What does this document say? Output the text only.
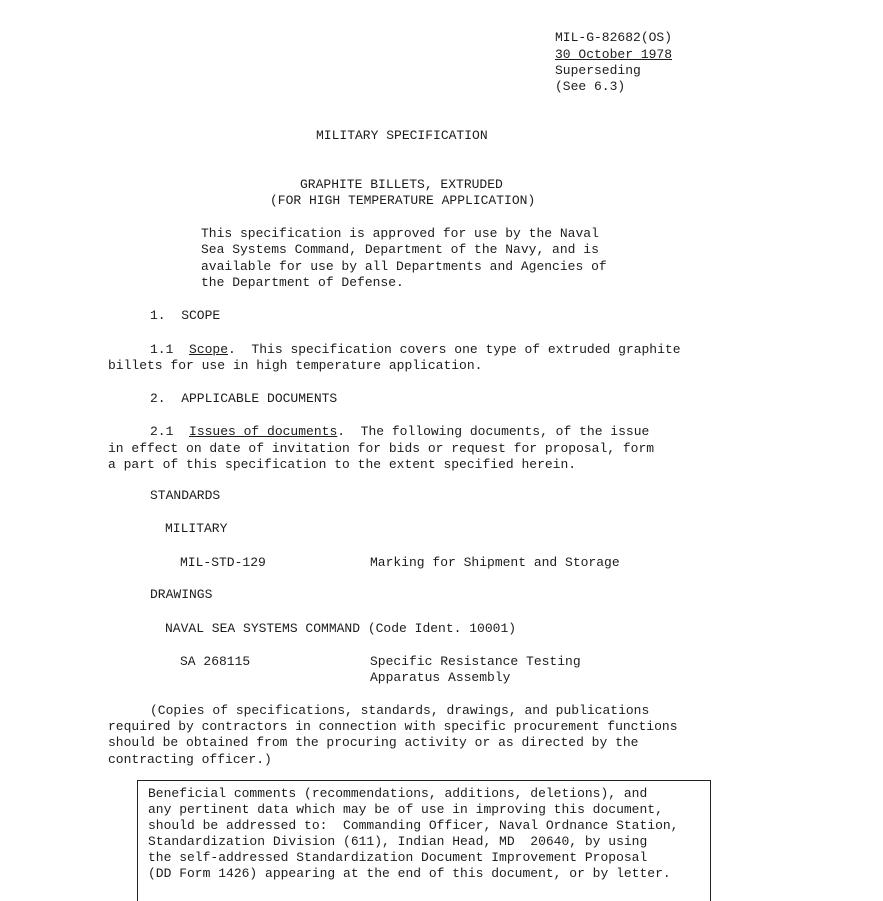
MIL-G-82682(OS)
30 October 1978
Superseding
(See 6.3)
MILITARY SPECIFICATION
GRAPHITE BILLETS, EXTRUDED
(FOR HIGH TEMPERATURE APPLICATION)
This specification is approved for use by the Naval
Sea Systems Command, Department of the Navy, and is
available for use by all Departments and Agencies of
the Department of Defense.
1.  SCOPE
1.1 Scope.  This specification covers one type of extruded graphite
billets for use in high temperature application.
2.  APPLICABLE DOCUMENTS
2.1 Issues of documents.  The following documents, of the issue
in effect on date of invitation for bids or request for proposal, form
a part of this specification to the extent specified herein.
STANDARDS
MILITARY
MIL-STD-129	Marking for Shipment and Storage
DRAWINGS
NAVAL SEA SYSTEMS COMMAND (Code Ident. 10001)
SA 268115	Specific Resistance Testing
Apparatus Assembly
(Copies of specifications, standards, drawings, and publications
required by contractors in connection with specific procurement functions
should be obtained from the procuring activity or as directed by the
contracting officer.)
Beneficial comments (recommendations, additions, deletions), and
any pertinent data which may be of use in improving this document,
should be addressed to:  Commanding Officer, Naval Ordnance Station,
Standardization Division (611), Indian Head, MD  20640, by using
the self-addressed Standardization Document Improvement Proposal
(DD Form 1426) appearing at the end of this document, or by letter.
